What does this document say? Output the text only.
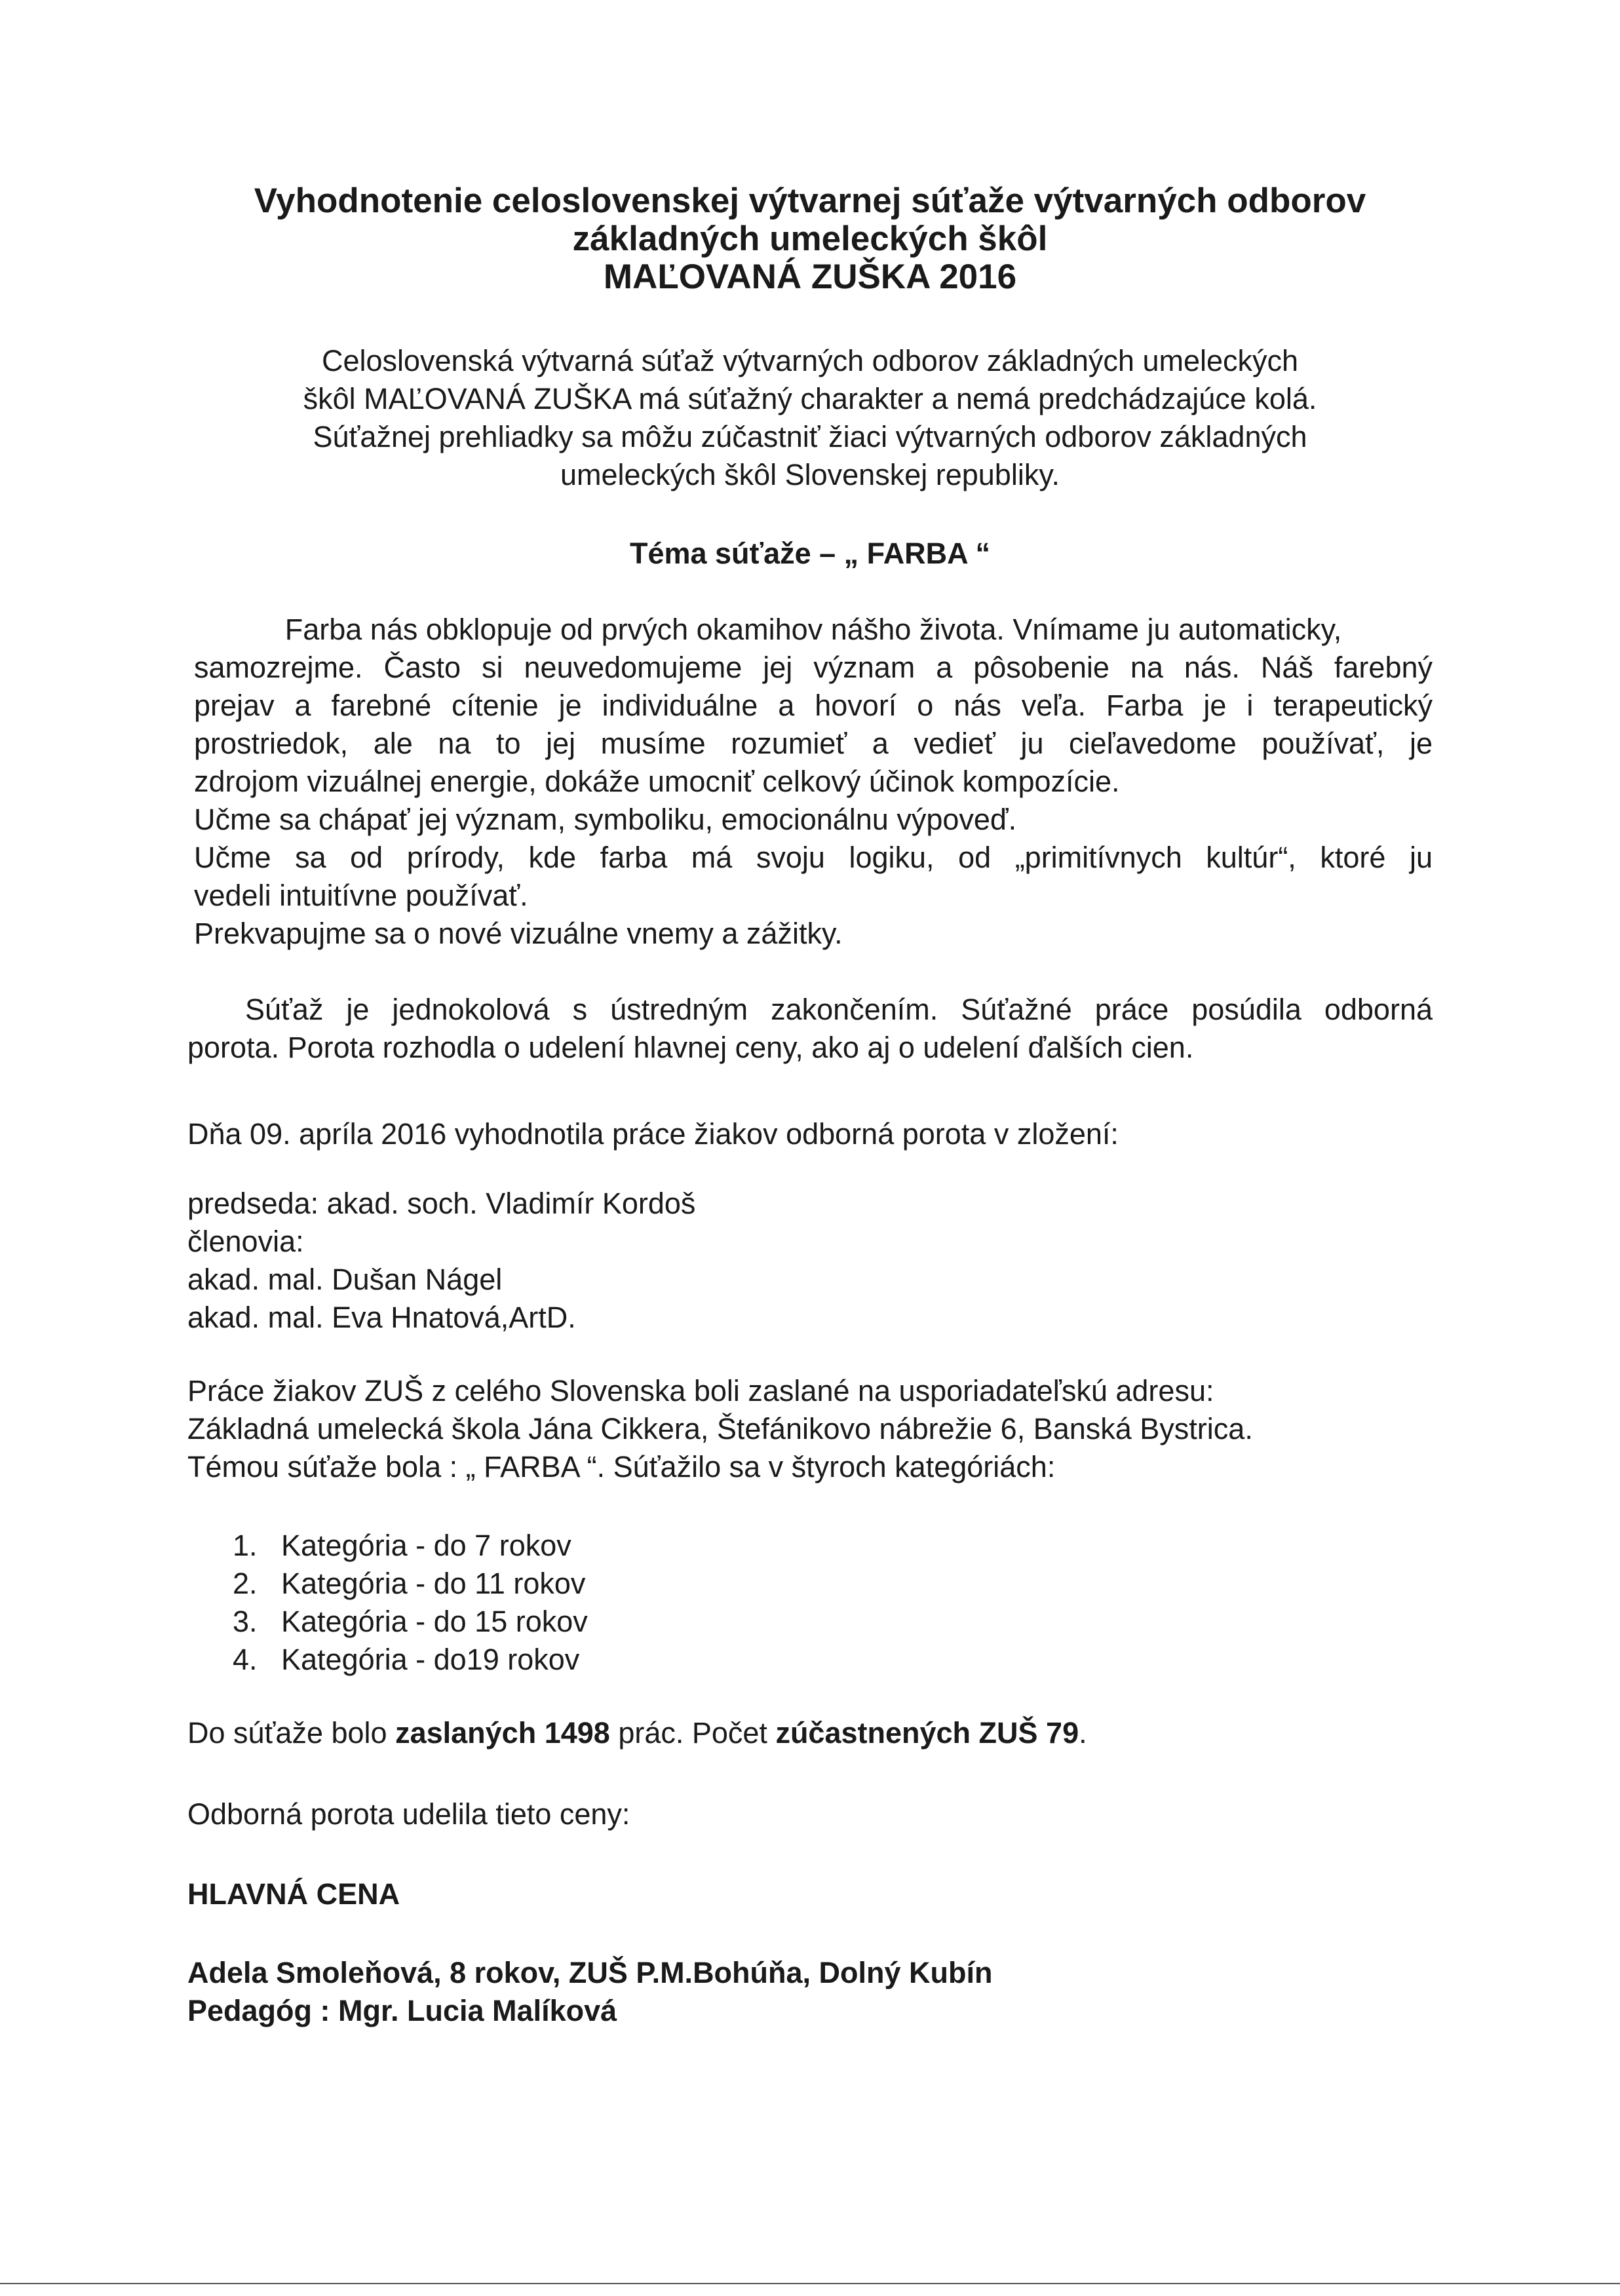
Vyhodnotenie celoslovenskej výtvarnej súťaže výtvarných odborov
základných umeleckých škôl
MAĽOVANÁ ZUŠKA 2016
Celoslovenská výtvarná súťaž výtvarných odborov základných umeleckých
škôl MAĽOVANÁ ZUŠKA má súťažný charakter a nemá predchádzajúce kolá.
Súťažnej prehliadky sa môžu zúčastniť žiaci výtvarných odborov základných
umeleckých škôl Slovenskej republiky.
Téma súťaže – „ FARBA “
Farba nás obklopuje od prvých okamihov nášho života. Vnímame ju automaticky,
samozrejme. Často si neuvedomujeme jej význam a pôsobenie na nás. Náš farebný
prejav a farebné cítenie je individuálne a hovorí o nás veľa. Farba je i terapeutický
prostriedok, ale na to jej musíme rozumieť a vedieť ju cieľavedome používať, je
zdrojom vizuálnej energie, dokáže umocniť celkový účinok kompozície.
Učme sa chápať jej význam, symboliku, emocionálnu výpoveď.
Učme sa od prírody, kde farba má svoju logiku, od „primitívnych kultúr“, ktoré ju
vedeli intuitívne používať.
Prekvapujme sa o nové vizuálne vnemy a zážitky.
Súťaž je jednokolová s ústredným zakončením. Súťažné práce posúdila odborná
porota. Porota rozhodla o udelení hlavnej ceny, ako aj o udelení ďalších cien.
Dňa 09. apríla 2016 vyhodnotila práce žiakov odborná porota v zložení:
predseda: akad. soch. Vladimír Kordoš
členovia:
akad. mal. Dušan Nágel
akad. mal. Eva Hnatová,ArtD.
Práce žiakov ZUŠ z celého Slovenska boli zaslané na usporiadateľskú adresu:
Základná umelecká škola Jána Cikkera, Štefánikovo nábrežie 6, Banská Bystrica.
Témou súťaže bola : „ FARBA “. Súťažilo sa v štyroch kategóriách:
1. Kategória - do 7 rokov
2. Kategória - do 11 rokov
3. Kategória - do 15 rokov
4. Kategória - do19 rokov
Do súťaže bolo zaslaných 1498 prác. Počet zúčastnených ZUŠ 79.
Odborná porota udelila tieto ceny:
HLAVNÁ CENA
Adela Smoleňová, 8 rokov, ZUŠ P.M.Bohúňa, Dolný Kubín
Pedagóg : Mgr. Lucia Malíková
